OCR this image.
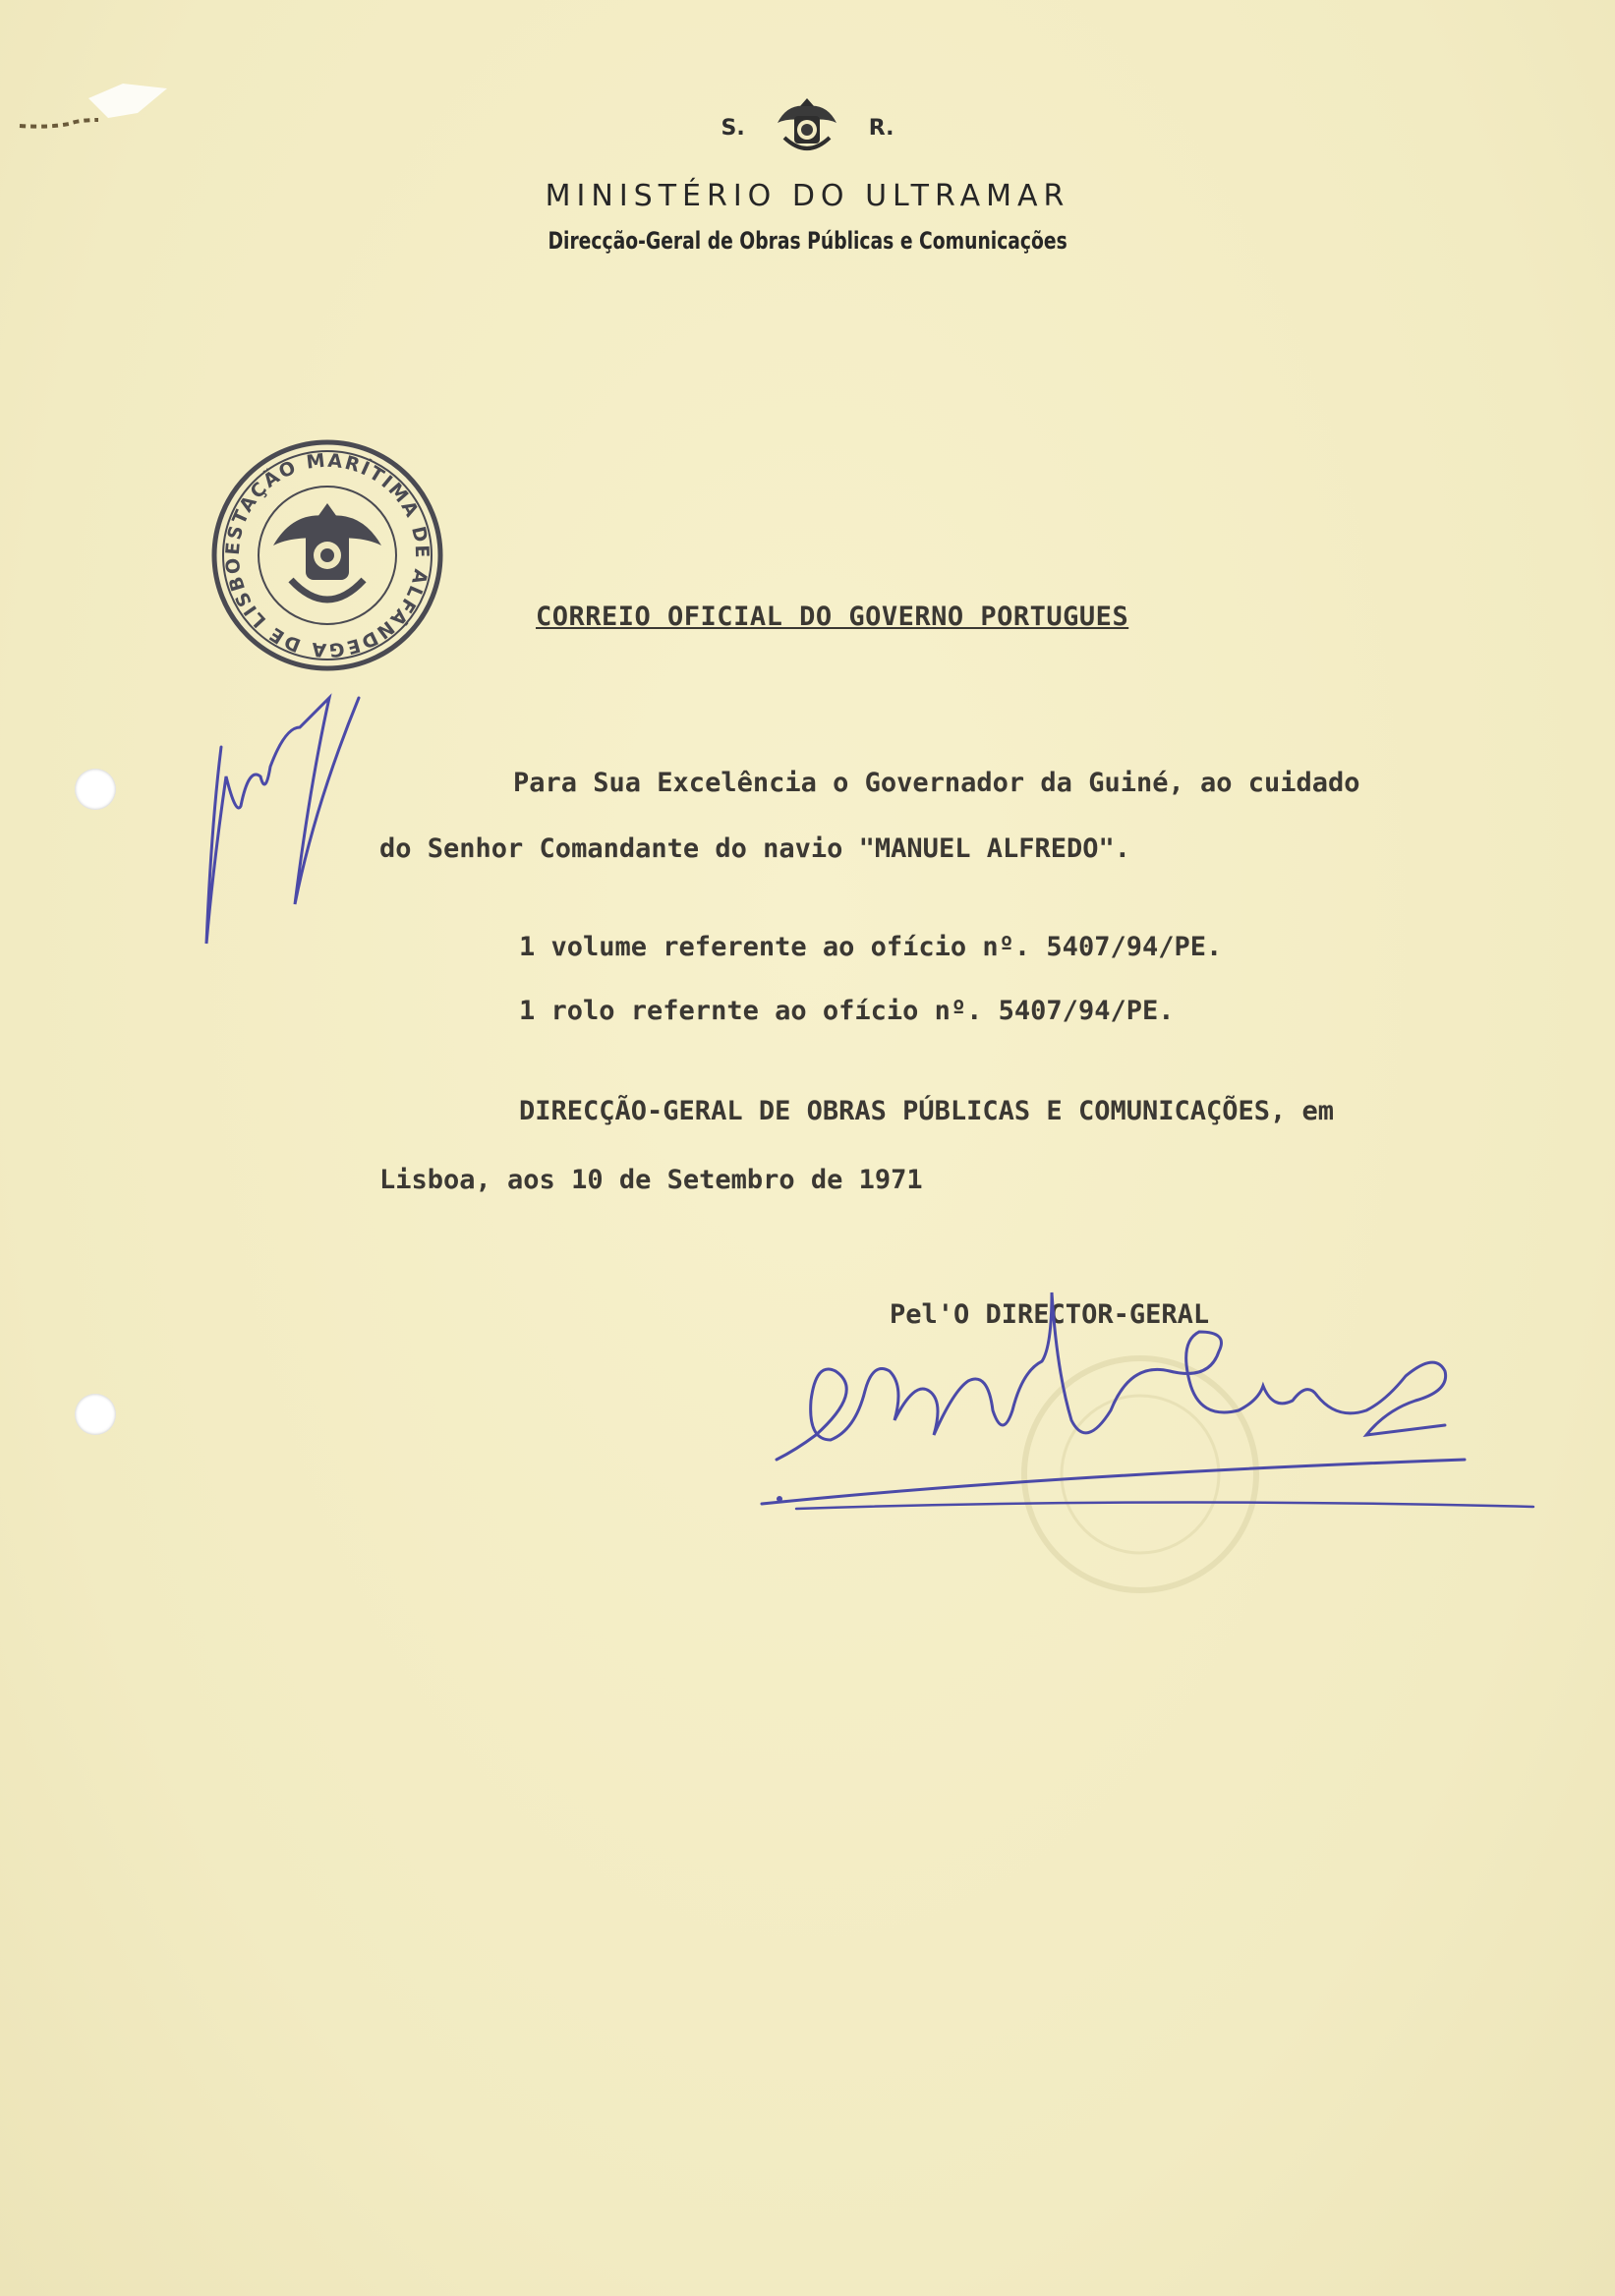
S.	R.
MINISTÉRIO DO ULTRAMAR
Direcção-Geral de Obras Públicas e Comunicações
ESTAÇÃO MARÍTIMA DE ALFÂNDEGA DE LISBOA
CORREIO OFICIAL DO GOVERNO PORTUGUES
Para Sua Excelência o Governador da Guiné, ao cuidado
do Senhor Comandante do navio "MANUEL ALFREDO".
1 volume referente ao ofício nº. 5407/94/PE.
1 rolo refernte ao ofício nº. 5407/94/PE.
DIRECÇÃO-GERAL DE OBRAS PÚBLICAS E COMUNICAÇÕES, em
Lisboa, aos 10 de Setembro de 1971
Pel'O DIRECTOR-GERAL
